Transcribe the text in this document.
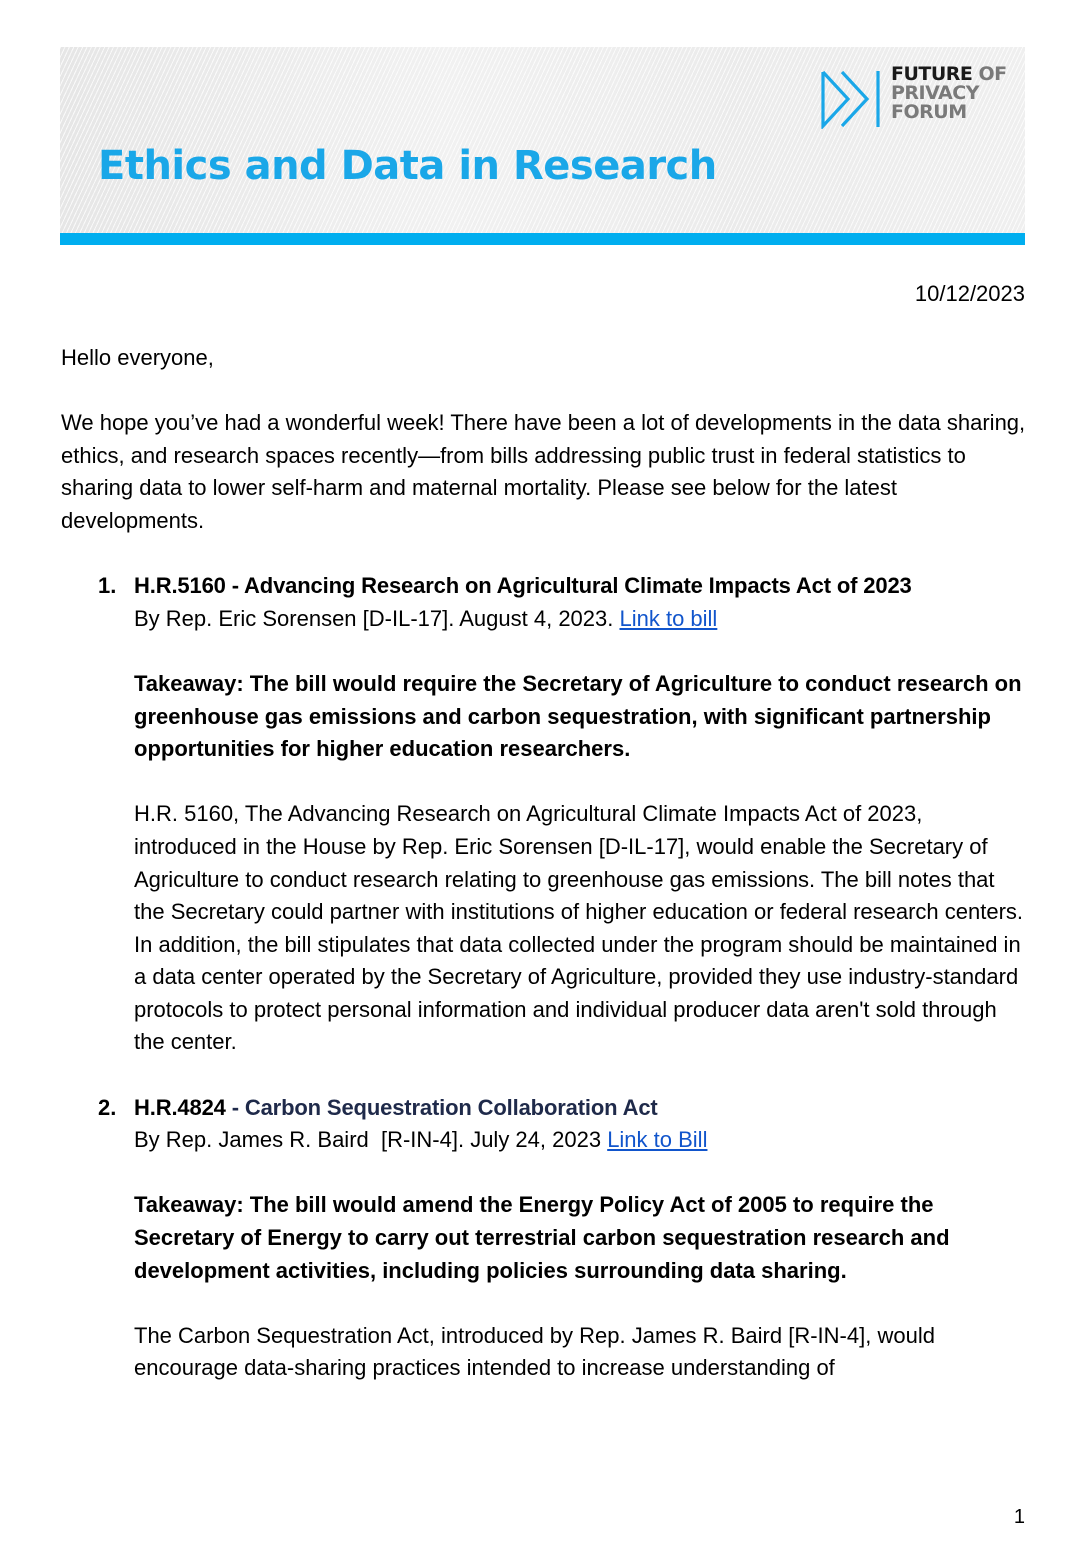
FUTURE OF
PRIVACY
FORUM
Ethics and Data in Research
10/12/2023

Hello everyone,

We hope you’ve had a wonderful week! There have been a lot of developments in the data sharing, ethics, and research spaces recently—from bills addressing public trust in federal statistics to sharing data to lower self-harm and maternal mortality. Please see below for the latest developments.

1. H.R.5160 - Advancing Research on Agricultural Climate Impacts Act of 2023

By Rep. Eric Sorensen [D-IL-17]. August 4, 2023. Link to bill

Takeaway: The bill would require the Secretary of Agriculture to conduct research on greenhouse gas emissions and carbon sequestration, with significant partnership opportunities for higher education researchers.

H.R. 5160, The Advancing Research on Agricultural Climate Impacts Act of 2023, introduced in the House by Rep. Eric Sorensen [D-IL-17], would enable the Secretary of Agriculture to conduct research relating to greenhouse gas emissions. The bill notes that the Secretary could partner with institutions of higher education or federal research centers. In addition, the bill stipulates that data collected under the program should be maintained in a data center operated by the Secretary of Agriculture, provided they use industry-standard protocols to protect personal information and individual producer data aren't sold through the center.

2. H.R.4824 - Carbon Sequestration Collaboration Act

By Rep. James R. Baird  [R-IN-4]. July 24, 2023 Link to Bill

Takeaway: The bill would amend the Energy Policy Act of 2005 to require the Secretary of Energy to carry out terrestrial carbon sequestration research and development activities, including policies surrounding data sharing.

The Carbon Sequestration Act, introduced by Rep. James R. Baird [R-IN-4], would encourage data-sharing practices intended to increase understanding of

1
